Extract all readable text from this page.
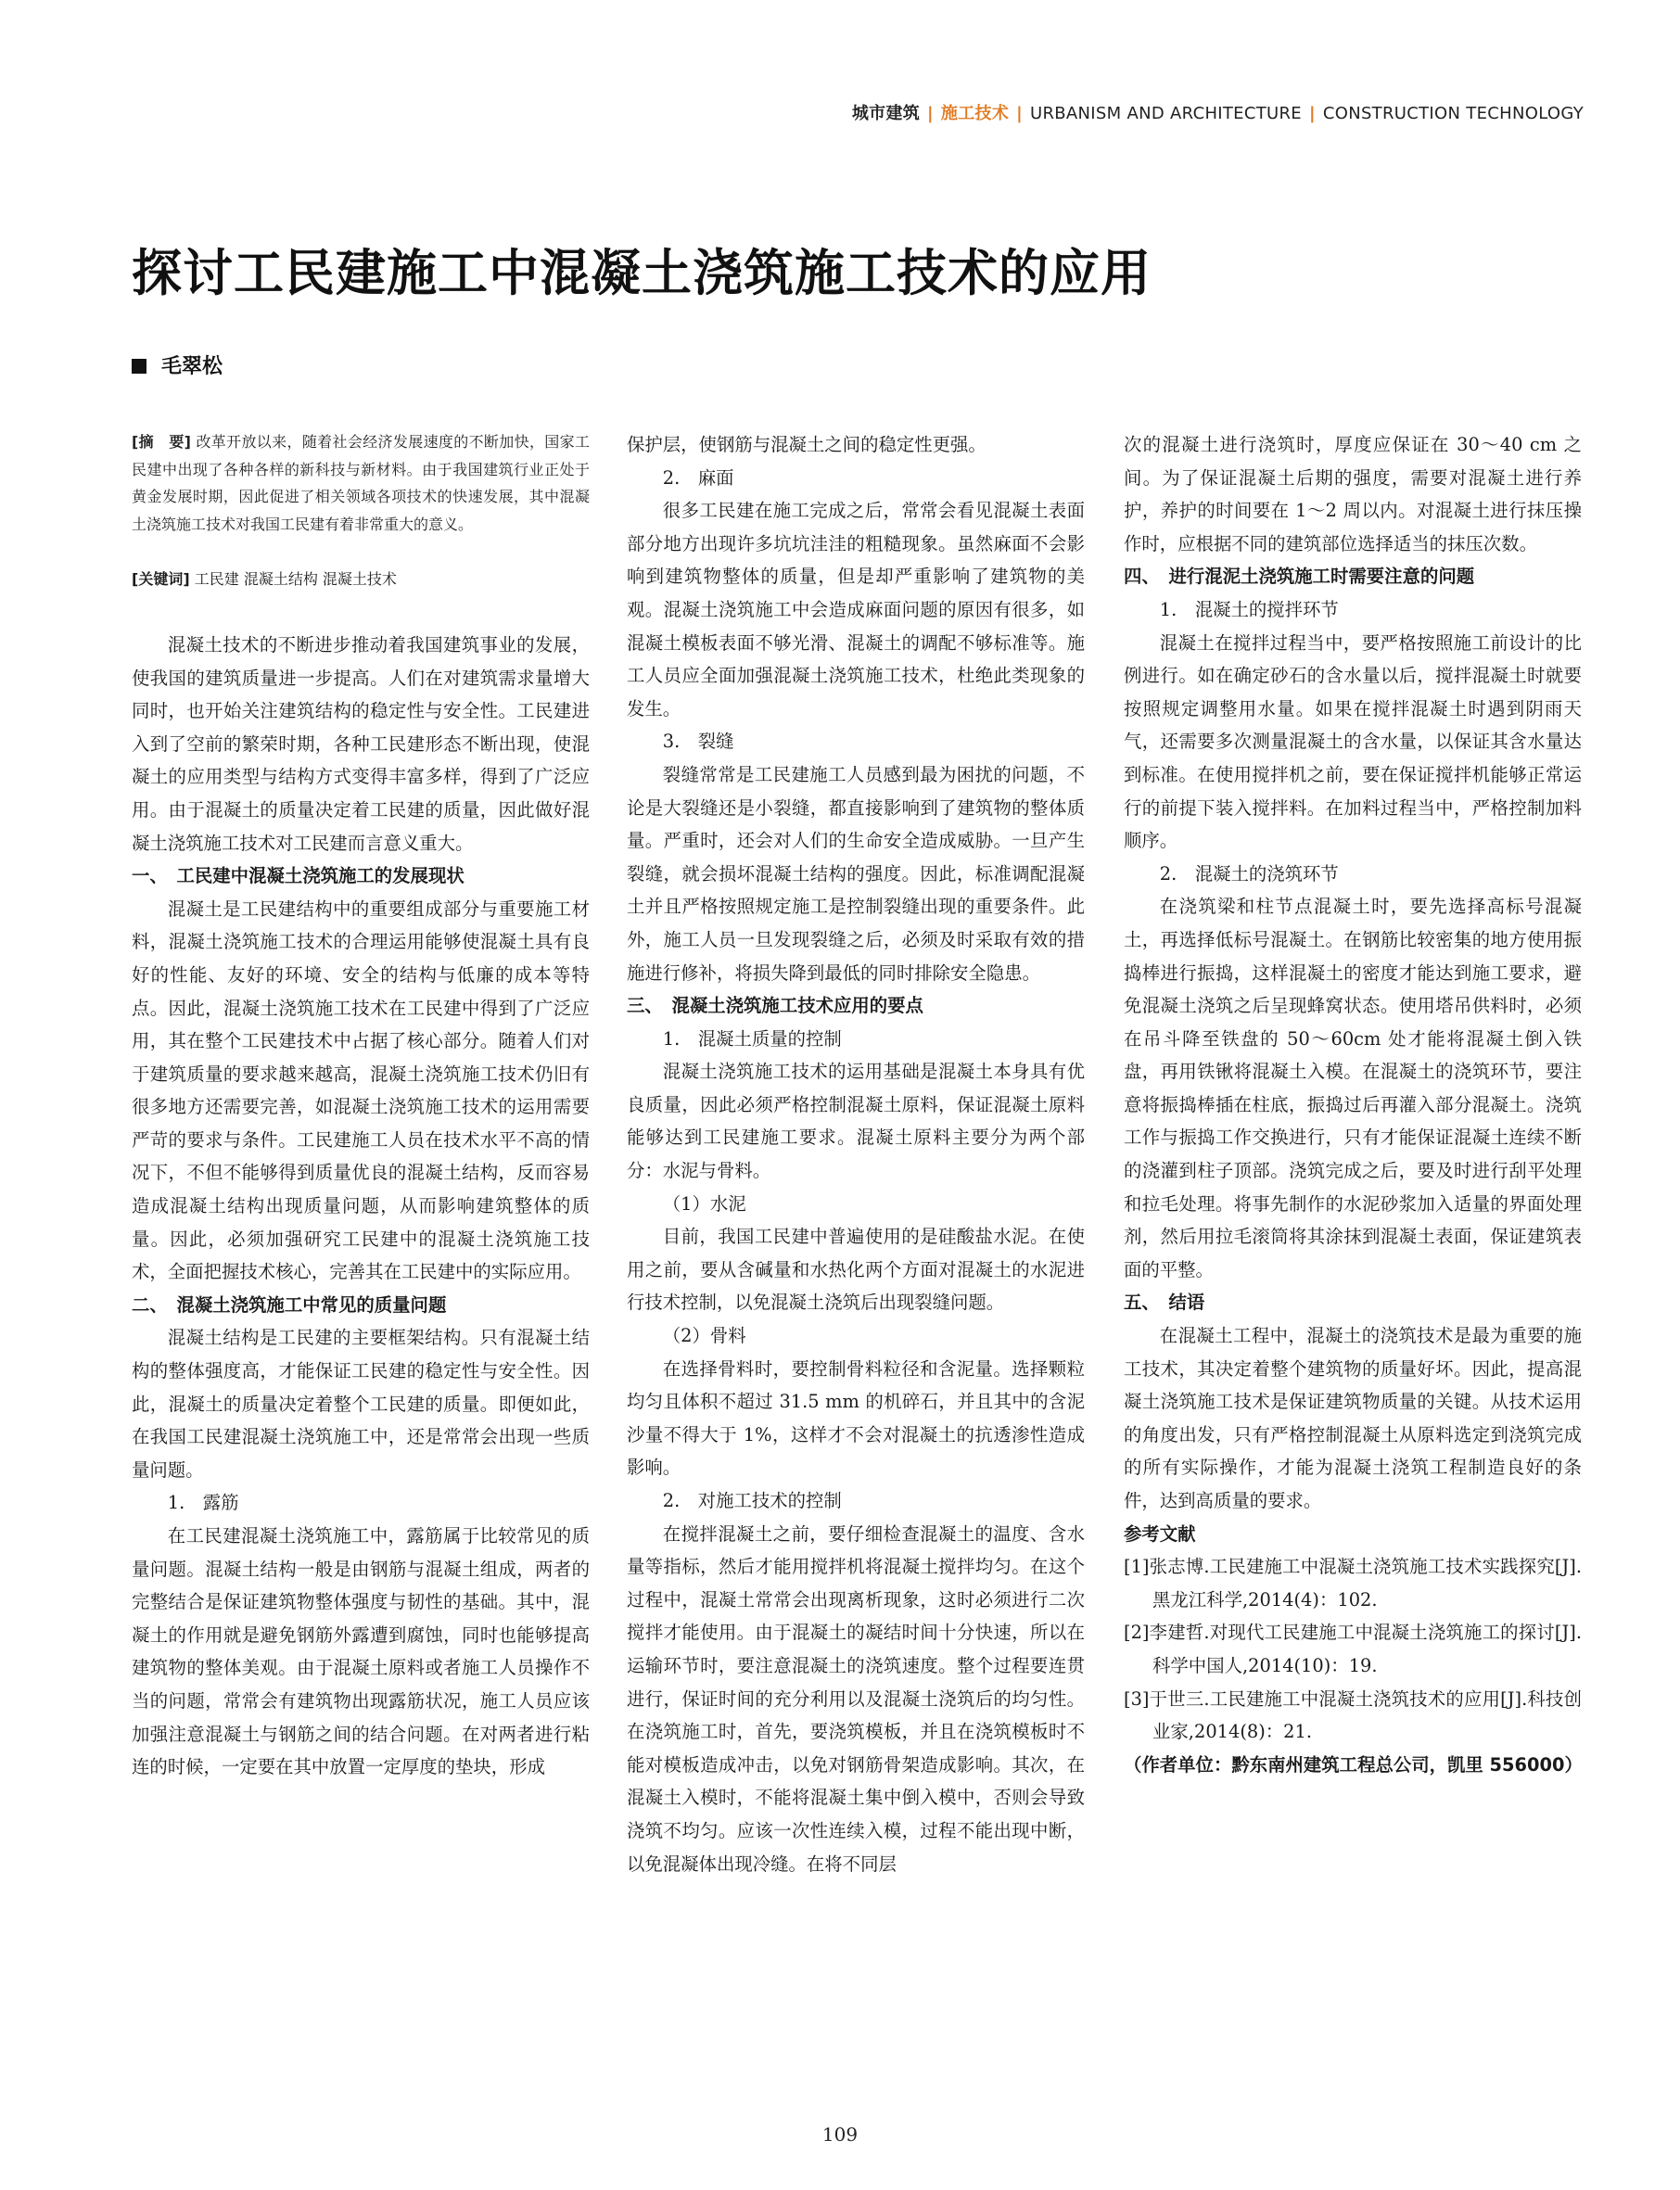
城市建筑 | 施工技术 | URBANISM AND ARCHITECTURE | CONSTRUCTION TECHNOLOGY
探讨工民建施工中混凝土浇筑施工技术的应用
毛翠松

[摘　要] 改革开放以来，随着社会经济发展速度的不断加快，国家工民建中出现了各种各样的新科技与新材料。由于我国建筑行业正处于黄金发展时期，因此促进了相关领域各项技术的快速发展，其中混凝土浇筑施工技术对我国工民建有着非常重大的意义。

[关键词] 工民建 混凝土结构 混凝土技术

混凝土技术的不断进步推动着我国建筑事业的发展，使我国的建筑质量进一步提高。人们在对建筑需求量增大同时，也开始关注建筑结构的稳定性与安全性。工民建进入到了空前的繁荣时期，各种工民建形态不断出现，使混凝土的应用类型与结构方式变得丰富多样，得到了广泛应用。由于混凝土的质量决定着工民建的质量，因此做好混凝土浇筑施工技术对工民建而言意义重大。

一、　工民建中混凝土浇筑施工的发展现状

混凝土是工民建结构中的重要组成部分与重要施工材料，混凝土浇筑施工技术的合理运用能够使混凝土具有良好的性能、友好的环境、安全的结构与低廉的成本等特点。因此，混凝土浇筑施工技术在工民建中得到了广泛应用，其在整个工民建技术中占据了核心部分。随着人们对于建筑质量的要求越来越高，混凝土浇筑施工技术仍旧有很多地方还需要完善，如混凝土浇筑施工技术的运用需要严苛的要求与条件。工民建施工人员在技术水平不高的情况下，不但不能够得到质量优良的混凝土结构，反而容易造成混凝土结构出现质量问题，从而影响建筑整体的质量。因此，必须加强研究工民建中的混凝土浇筑施工技术，全面把握技术核心，完善其在工民建中的实际应用。

二、　混凝土浇筑施工中常见的质量问题

混凝土结构是工民建的主要框架结构。只有混凝土结构的整体强度高，才能保证工民建的稳定性与安全性。因此，混凝土的质量决定着整个工民建的质量。即便如此，在我国工民建混凝土浇筑施工中，还是常常会出现一些质量问题。

1.　露筋

在工民建混凝土浇筑施工中，露筋属于比较常见的质量问题。混凝土结构一般是由钢筋与混凝土组成，两者的完整结合是保证建筑物整体强度与韧性的基础。其中，混凝土的作用就是避免钢筋外露遭到腐蚀，同时也能够提高建筑物的整体美观。由于混凝土原料或者施工人员操作不当的问题，常常会有建筑物出现露筋状况，施工人员应该加强注意混凝土与钢筋之间的结合问题。在对两者进行粘连的时候，一定要在其中放置一定厚度的垫块，形成

保护层，使钢筋与混凝土之间的稳定性更强。

2.　麻面

很多工民建在施工完成之后，常常会看见混凝土表面部分地方出现许多坑坑洼洼的粗糙现象。虽然麻面不会影响到建筑物整体的质量，但是却严重影响了建筑物的美观。混凝土浇筑施工中会造成麻面问题的原因有很多，如混凝土模板表面不够光滑、混凝土的调配不够标准等。施工人员应全面加强混凝土浇筑施工技术，杜绝此类现象的发生。

3.　裂缝

裂缝常常是工民建施工人员感到最为困扰的问题，不论是大裂缝还是小裂缝，都直接影响到了建筑物的整体质量。严重时，还会对人们的生命安全造成威胁。一旦产生裂缝，就会损坏混凝土结构的强度。因此，标准调配混凝土并且严格按照规定施工是控制裂缝出现的重要条件。此外，施工人员一旦发现裂缝之后，必须及时采取有效的措施进行修补，将损失降到最低的同时排除安全隐患。

三、　混凝土浇筑施工技术应用的要点

1.　混凝土质量的控制

混凝土浇筑施工技术的运用基础是混凝土本身具有优良质量，因此必须严格控制混凝土原料，保证混凝土原料能够达到工民建施工要求。混凝土原料主要分为两个部分：水泥与骨料。

（1）水泥

目前，我国工民建中普遍使用的是硅酸盐水泥。在使用之前，要从含碱量和水热化两个方面对混凝土的水泥进行技术控制，以免混凝土浇筑后出现裂缝问题。

（2）骨料

在选择骨料时，要控制骨料粒径和含泥量。选择颗粒均匀且体积不超过 31.5 mm 的机碎石，并且其中的含泥沙量不得大于 1%，这样才不会对混凝土的抗透渗性造成影响。

2.　对施工技术的控制

在搅拌混凝土之前，要仔细检查混凝土的温度、含水量等指标，然后才能用搅拌机将混凝土搅拌均匀。在这个过程中，混凝土常常会出现离析现象，这时必须进行二次搅拌才能使用。由于混凝土的凝结时间十分快速，所以在运输环节时，要注意混凝土的浇筑速度。整个过程要连贯进行，保证时间的充分利用以及混凝土浇筑后的均匀性。在浇筑施工时，首先，要浇筑模板，并且在浇筑模板时不能对模板造成冲击，以免对钢筋骨架造成影响。其次，在混凝土入模时，不能将混凝土集中倒入模中，否则会导致浇筑不均匀。应该一次性连续入模，过程不能出现中断，以免混凝体出现冷缝。在将不同层

次的混凝土进行浇筑时，厚度应保证在 30～40 cm 之间。为了保证混凝土后期的强度，需要对混凝土进行养护，养护的时间要在 1～2 周以内。对混凝土进行抹压操作时，应根据不同的建筑部位选择适当的抹压次数。

四、　进行混泥土浇筑施工时需要注意的问题

1.　混凝土的搅拌环节

混凝土在搅拌过程当中，要严格按照施工前设计的比例进行。如在确定砂石的含水量以后，搅拌混凝土时就要按照规定调整用水量。如果在搅拌混凝土时遇到阴雨天气，还需要多次测量混凝土的含水量，以保证其含水量达到标准。在使用搅拌机之前，要在保证搅拌机能够正常运行的前提下装入搅拌料。在加料过程当中，严格控制加料顺序。

2.　混凝土的浇筑环节

在浇筑梁和柱节点混凝土时，要先选择高标号混凝土，再选择低标号混凝土。在钢筋比较密集的地方使用振捣棒进行振捣，这样混凝土的密度才能达到施工要求，避免混凝土浇筑之后呈现蜂窝状态。使用塔吊供料时，必须在吊斗降至铁盘的 50～60cm 处才能将混凝土倒入铁盘，再用铁锹将混凝土入模。在混凝土的浇筑环节，要注意将振捣棒插在柱底，振捣过后再灌入部分混凝土。浇筑工作与振捣工作交换进行，只有才能保证混凝土连续不断的浇灌到柱子顶部。浇筑完成之后，要及时进行刮平处理和拉毛处理。将事先制作的水泥砂浆加入适量的界面处理剂，然后用拉毛滚筒将其涂抹到混凝土表面，保证建筑表面的平整。

五、　结语

在混凝土工程中，混凝土的浇筑技术是最为重要的施工技术，其决定着整个建筑物的质量好坏。因此，提高混凝土浇筑施工技术是保证建筑物质量的关键。从技术运用的角度出发，只有严格控制混凝土从原料选定到浇筑完成的所有实际操作，才能为混凝土浇筑工程制造良好的条件，达到高质量的要求。

参考文献

[1]张志博.工民建施工中混凝土浇筑施工技术实践探究[J].黑龙江科学,2014(4)：102.

[2]李建哲.对现代工民建施工中混凝土浇筑施工的探讨[J].科学中国人,2014(10)：19.

[3]于世三.工民建施工中混凝土浇筑技术的应用[J].科技创业家,2014(8)：21.

（作者单位：黔东南州建筑工程总公司，凯里 556000）

109
